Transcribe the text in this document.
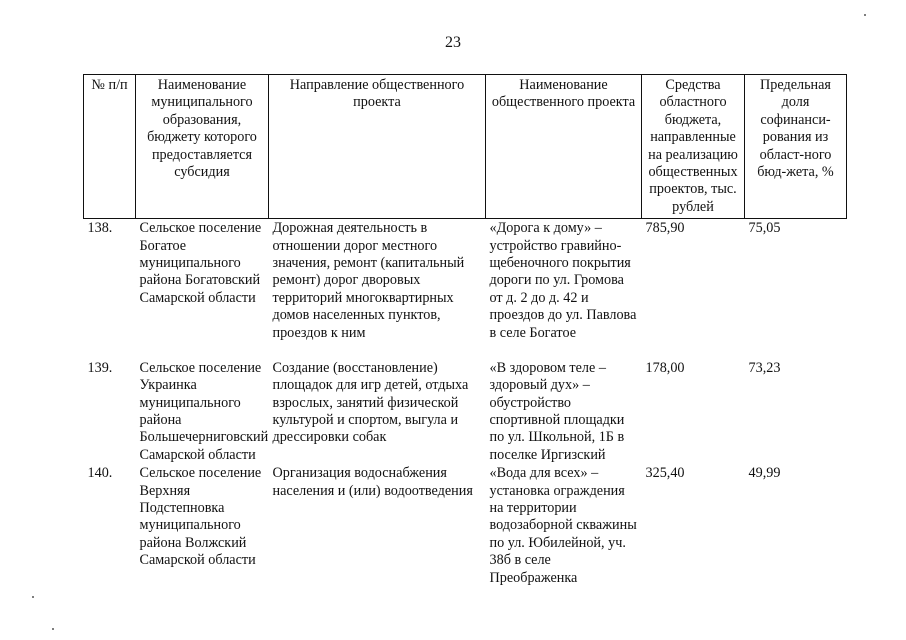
23
№ п/п	Наименование муниципального образования, бюджету которого предоставляется субсидия	Направление общественного проекта	Наименование общественного проекта	Средства областного бюджета, направленные на реализацию общественных проектов, тыс. рублей	Предельная доля софинанси-рования из област-ного бюд-жета, %
138.	Сельское поселение Богатое муниципального района Богатовский Самарской области	Дорожная деятельность в отношении дорог местного значения, ремонт (капитальный ремонт) дорог дворовых территорий многоквартирных домов населенных пунктов, проездов к ним	«Дорога к дому» – устройство гравийно-щебеночного покрытия дороги по ул. Громова от д. 2 до д. 42 и проездов до ул. Павлова в селе Богатое	785,90	75,05
139.	Сельское поселение Украинка муниципального района Большечерниговский Самарской области	Создание (восстановление) площадок для игр детей, отдыха взрослых, занятий физической культурой и спортом, выгула и дрессировки собак	«В здоровом теле – здоровый дух» – обустройство спортивной площадки по ул. Школьной, 1Б в поселке Иргизский	178,00	73,23
140.	Сельское поселение Верхняя Подстепновка муниципального района Волжский Самарской области	Организация водоснабжения населения и (или) водоотведения	«Вода для всех» – установка ограждения на территории водозаборной скважины по ул. Юбилейной, уч. 38б в селе Преображенка	325,40	49,99
